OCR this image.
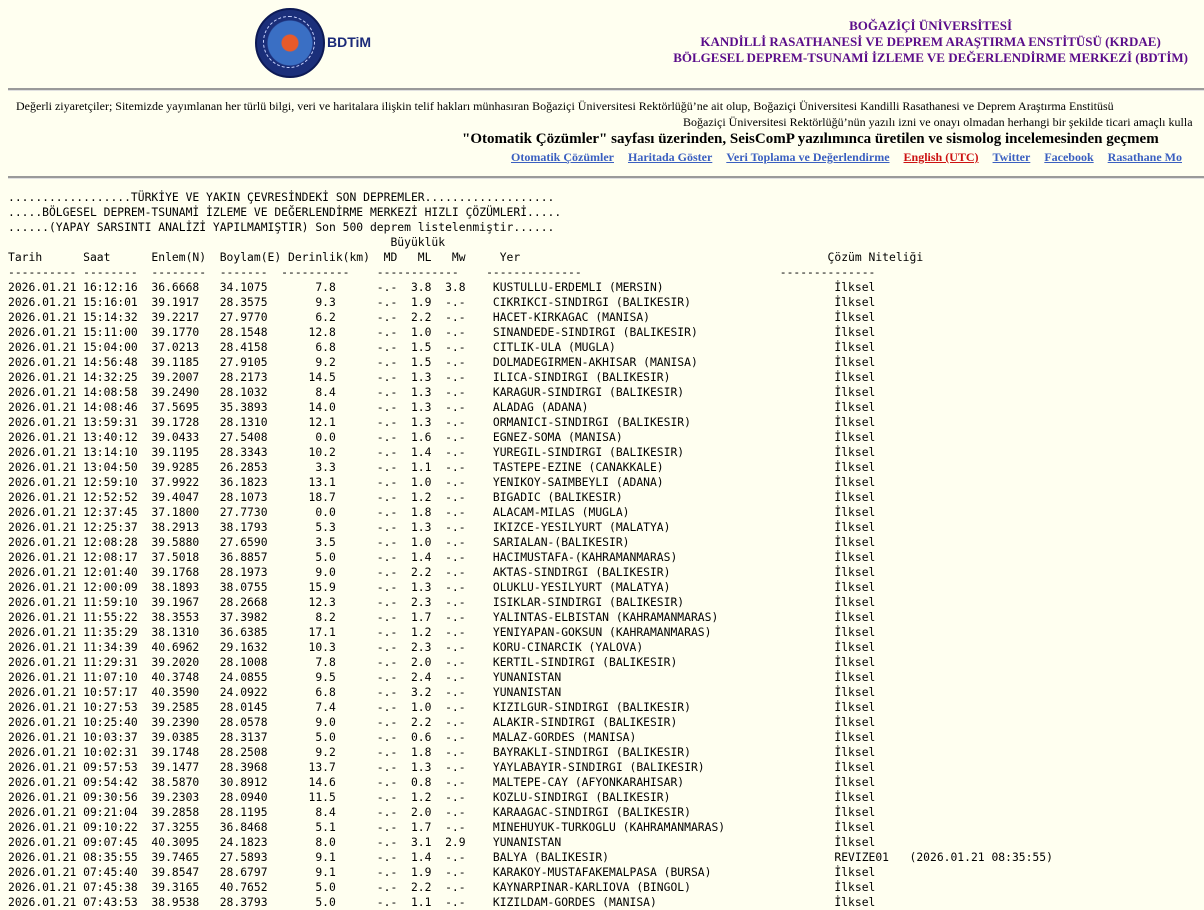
BDTiM
BOĞAZİÇİ ÜNİVERSİTESİ
KANDİLLİ RASATHANESİ VE DEPREM ARAŞTIRMA ENSTİTÜSÜ (KRDAE)
BÖLGESEL DEPREM-TSUNAMİ İZLEME VE DEĞERLENDİRME MERKEZİ (BDTİM)
Değerli ziyaretçiler; Sitemizde yayımlanan her türlü bilgi, veri ve haritalara ilişkin telif hakları münhasıran Boğaziçi Üniversitesi Rektörlüğü’ne ait olup, Boğaziçi Üniversitesi Kandilli Rasathanesi ve Deprem Araştırma Enstitüsü
Boğaziçi Üniversitesi Rektörlüğü’nün yazılı izni ve onayı olmadan herhangi bir şekilde ticari amaçlı kulla
"Otomatik Çözümler" sayfası üzerinden, SeisComP yazılımınca üretilen ve sismolog incelemesinden geçmem
Otomatik Çözümler Haritada Göster Veri Toplama ve Değerlendirme English (UTC) Twitter Facebook Rasathane Mo
..................TÜRKİYE VE YAKIN ÇEVRESİNDEKİ SON DEPREMLER...................
.....BÖLGESEL DEPREM-TSUNAMİ İZLEME VE DEĞERLENDİRME MERKEZİ HIZLI ÇÖZÜMLERİ.....
......(YAPAY SARSINTI ANALİZİ YAPILMAMIŞTIR) Son 500 deprem listelenmiştir......
Büyüklük
Tarih      Saat      Enlem(N)  Boylam(E) Derinlik(km)  MD   ML   Mw     Yer                                             Çözüm Niteliği
---------- --------  --------  -------  ----------    ------------    --------------                             --------------
2026.01.21 16:12:16  36.6668   34.1075       7.8      -.-  3.8  3.8    KUSTULLU-ERDEMLI (MERSIN)                         İlksel
2026.01.21 15:16:01  39.1917   28.3575       9.3      -.-  1.9  -.-    CIKRIKCI-SINDIRGI (BALIKESIR)                     İlksel
2026.01.21 15:14:32  39.2217   27.9770       6.2      -.-  2.2  -.-    HACET-KIRKAGAC (MANISA)                           İlksel
2026.01.21 15:11:00  39.1770   28.1548      12.8      -.-  1.0  -.-    SINANDEDE-SINDIRGI (BALIKESIR)                    İlksel
2026.01.21 15:04:00  37.0213   28.4158       6.8      -.-  1.5  -.-    CITLIK-ULA (MUGLA)                                İlksel
2026.01.21 14:56:48  39.1185   27.9105       9.2      -.-  1.5  -.-    DOLMADEGIRMEN-AKHISAR (MANISA)                    İlksel
2026.01.21 14:32:25  39.2007   28.2173      14.5      -.-  1.3  -.-    ILICA-SINDIRGI (BALIKESIR)                        İlksel
2026.01.21 14:08:58  39.2490   28.1032       8.4      -.-  1.3  -.-    KARAGUR-SINDIRGI (BALIKESIR)                      İlksel
2026.01.21 14:08:46  37.5695   35.3893      14.0      -.-  1.3  -.-    ALADAG (ADANA)                                    İlksel
2026.01.21 13:59:31  39.1728   28.1310      12.1      -.-  1.3  -.-    ORMANICI-SINDIRGI (BALIKESIR)                     İlksel
2026.01.21 13:40:12  39.0433   27.5408       0.0      -.-  1.6  -.-    EGNEZ-SOMA (MANISA)                               İlksel
2026.01.21 13:14:10  39.1195   28.3343      10.2      -.-  1.4  -.-    YUREGIL-SINDIRGI (BALIKESIR)                      İlksel
2026.01.21 13:04:50  39.9285   26.2853       3.3      -.-  1.1  -.-    TASTEPE-EZINE (CANAKKALE)                         İlksel
2026.01.21 12:59:10  37.9922   36.1823      13.1      -.-  1.0  -.-    YENIKOY-SAIMBEYLI (ADANA)                         İlksel
2026.01.21 12:52:52  39.4047   28.1073      18.7      -.-  1.2  -.-    BIGADIC (BALIKESIR)                               İlksel
2026.01.21 12:37:45  37.1800   27.7730       0.0      -.-  1.8  -.-    ALACAM-MILAS (MUGLA)                              İlksel
2026.01.21 12:25:37  38.2913   38.1793       5.3      -.-  1.3  -.-    IKIZCE-YESILYURT (MALATYA)                        İlksel
2026.01.21 12:08:28  39.5880   27.6590       3.5      -.-  1.0  -.-    SARIALAN-(BALIKESIR)                              İlksel
2026.01.21 12:08:17  37.5018   36.8857       5.0      -.-  1.4  -.-    HACIMUSTAFA-(KAHRAMANMARAS)                       İlksel
2026.01.21 12:01:40  39.1768   28.1973       9.0      -.-  2.2  -.-    AKTAS-SINDIRGI (BALIKESIR)                        İlksel
2026.01.21 12:00:09  38.1893   38.0755      15.9      -.-  1.3  -.-    OLUKLU-YESILYURT (MALATYA)                        İlksel
2026.01.21 11:59:10  39.1967   28.2668      12.3      -.-  2.3  -.-    ISIKLAR-SINDIRGI (BALIKESIR)                      İlksel
2026.01.21 11:55:22  38.3553   37.3982       8.2      -.-  1.7  -.-    YALINTAS-ELBISTAN (KAHRAMANMARAS)                 İlksel
2026.01.21 11:35:29  38.1310   36.6385      17.1      -.-  1.2  -.-    YENIYAPAN-GOKSUN (KAHRAMANMARAS)                  İlksel
2026.01.21 11:34:39  40.6962   29.1632      10.3      -.-  2.3  -.-    KORU-CINARCIK (YALOVA)                            İlksel
2026.01.21 11:29:31  39.2020   28.1008       7.8      -.-  2.0  -.-    KERTIL-SINDIRGI (BALIKESIR)                       İlksel
2026.01.21 11:07:10  40.3748   24.0855       9.5      -.-  2.4  -.-    YUNANISTAN                                        İlksel
2026.01.21 10:57:17  40.3590   24.0922       6.8      -.-  3.2  -.-    YUNANISTAN                                        İlksel
2026.01.21 10:27:53  39.2585   28.0145       7.4      -.-  1.0  -.-    KIZILGUR-SINDIRGI (BALIKESIR)                     İlksel
2026.01.21 10:25:40  39.2390   28.0578       9.0      -.-  2.2  -.-    ALAKIR-SINDIRGI (BALIKESIR)                       İlksel
2026.01.21 10:03:37  39.0385   28.3137       5.0      -.-  0.6  -.-    MALAZ-GORDES (MANISA)                             İlksel
2026.01.21 10:02:31  39.1748   28.2508       9.2      -.-  1.8  -.-    BAYRAKLI-SINDIRGI (BALIKESIR)                     İlksel
2026.01.21 09:57:53  39.1477   28.3968      13.7      -.-  1.3  -.-    YAYLABAYIR-SINDIRGI (BALIKESIR)                   İlksel
2026.01.21 09:54:42  38.5870   30.8912      14.6      -.-  0.8  -.-    MALTEPE-CAY (AFYONKARAHISAR)                      İlksel
2026.01.21 09:30:56  39.2303   28.0940      11.5      -.-  1.2  -.-    KOZLU-SINDIRGI (BALIKESIR)                        İlksel
2026.01.21 09:21:04  39.2858   28.1195       8.4      -.-  2.0  -.-    KARAAGAC-SINDIRGI (BALIKESIR)                     İlksel
2026.01.21 09:10:22  37.3255   36.8468       5.1      -.-  1.7  -.-    MINEHUYUK-TURKOGLU (KAHRAMANMARAS)                İlksel
2026.01.21 09:07:45  40.3095   24.1823       8.0      -.-  3.1  2.9    YUNANISTAN                                        İlksel
2026.01.21 08:35:55  39.7465   27.5893       9.1      -.-  1.4  -.-    BALYA (BALIKESIR)                                 REVIZE01   (2026.01.21 08:35:55)
2026.01.21 07:45:40  39.8547   28.6797       9.1      -.-  1.9  -.-    KARAKOY-MUSTAFAKEMALPASA (BURSA)                  İlksel
2026.01.21 07:45:38  39.3165   40.7652       5.0      -.-  2.2  -.-    KAYNARPINAR-KARLIOVA (BINGOL)                     İlksel
2026.01.21 07:43:53  38.9538   28.3793       5.0      -.-  1.1  -.-    KIZILDAM-GORDES (MANISA)                          İlksel
